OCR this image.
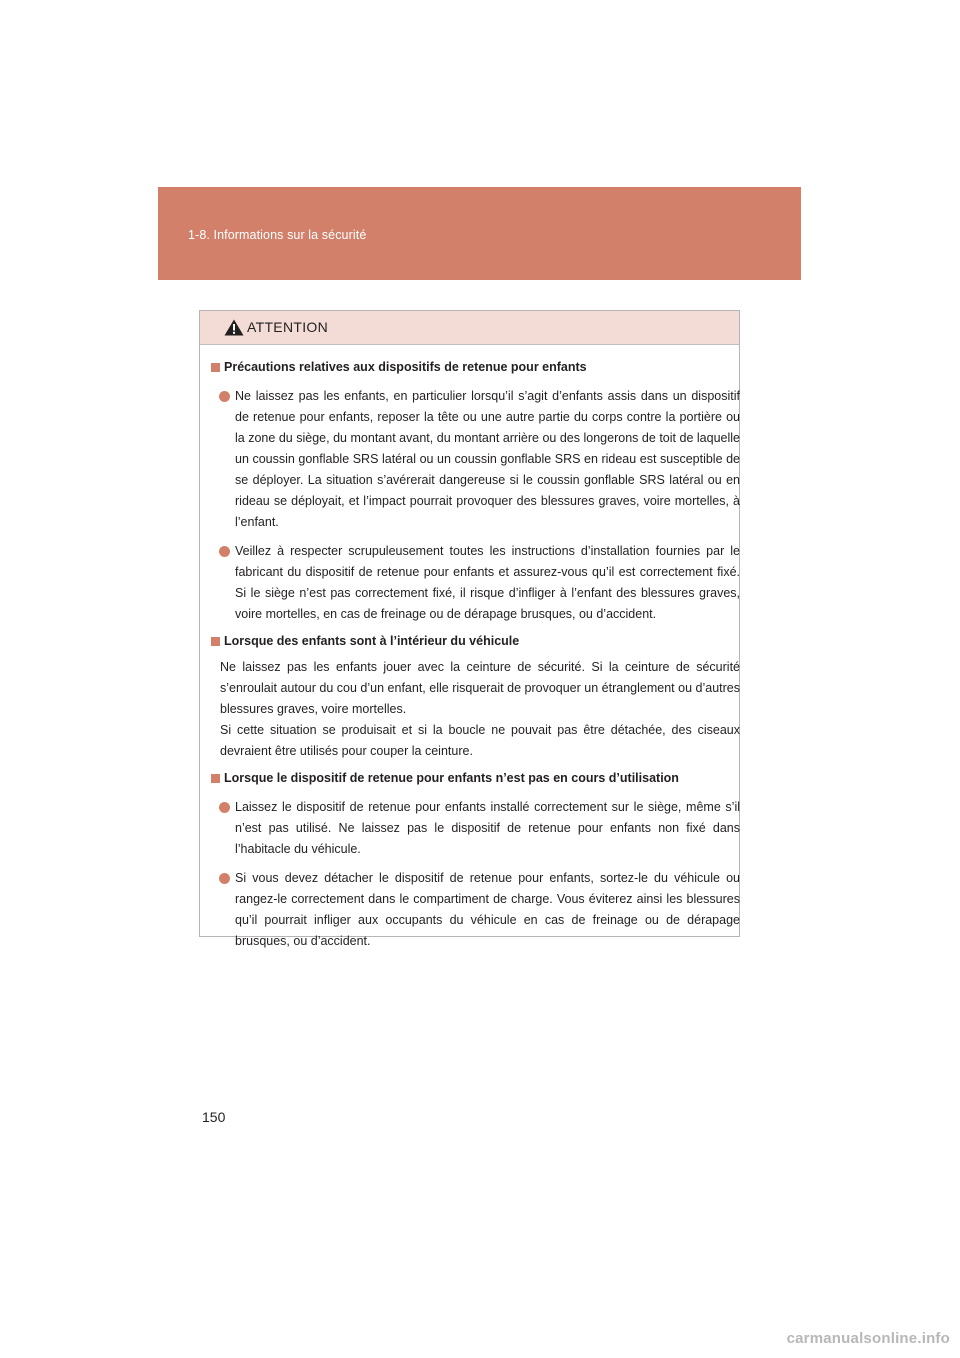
1-8. Informations sur la sécurité
ATTENTION
Précautions relatives aux dispositifs de retenue pour enfants
Ne laissez pas les enfants, en particulier lorsqu’il s’agit d’enfants assis dans un dispositif de retenue pour enfants, reposer la tête ou une autre partie du corps contre la portière ou la zone du siège, du montant avant, du montant arrière ou des longerons de toit de laquelle un coussin gonflable SRS latéral ou un coussin gonflable SRS en rideau est susceptible de se déployer. La situation s’avérerait dangereuse si le coussin gonflable SRS latéral ou en rideau se déployait, et l’impact pourrait provoquer des blessures graves, voire mortelles, à l’enfant.
Veillez à respecter scrupuleusement toutes les instructions d’installation fournies par le fabricant du dispositif de retenue pour enfants et assurez-vous qu’il est correctement fixé. Si le siège n’est pas correctement fixé, il risque d’infliger à l’enfant des blessures graves, voire mortelles, en cas de freinage ou de dérapage brusques, ou d’accident.
Lorsque des enfants sont à l’intérieur du véhicule

Ne laissez pas les enfants jouer avec la ceinture de sécurité. Si la ceinture de sécurité s’enroulait autour du cou d’un enfant, elle risquerait de provoquer un étranglement ou d’autres blessures graves, voire mortelles.

Si cette situation se produisait et si la boucle ne pouvait pas être détachée, des ciseaux devraient être utilisés pour couper la ceinture.

Lorsque le dispositif de retenue pour enfants n’est pas en cours d’utilisation
Laissez le dispositif de retenue pour enfants installé correctement sur le siège, même s’il n’est pas utilisé. Ne laissez pas le dispositif de retenue pour enfants non fixé dans l’habitacle du véhicule.
Si vous devez détacher le dispositif de retenue pour enfants, sortez-le du véhicule ou rangez-le correctement dans le compartiment de charge. Vous éviterez ainsi les blessures qu’il pourrait infliger aux occupants du véhicule en cas de freinage ou de dérapage brusques, ou d’accident.
150
carmanualsonline.info
